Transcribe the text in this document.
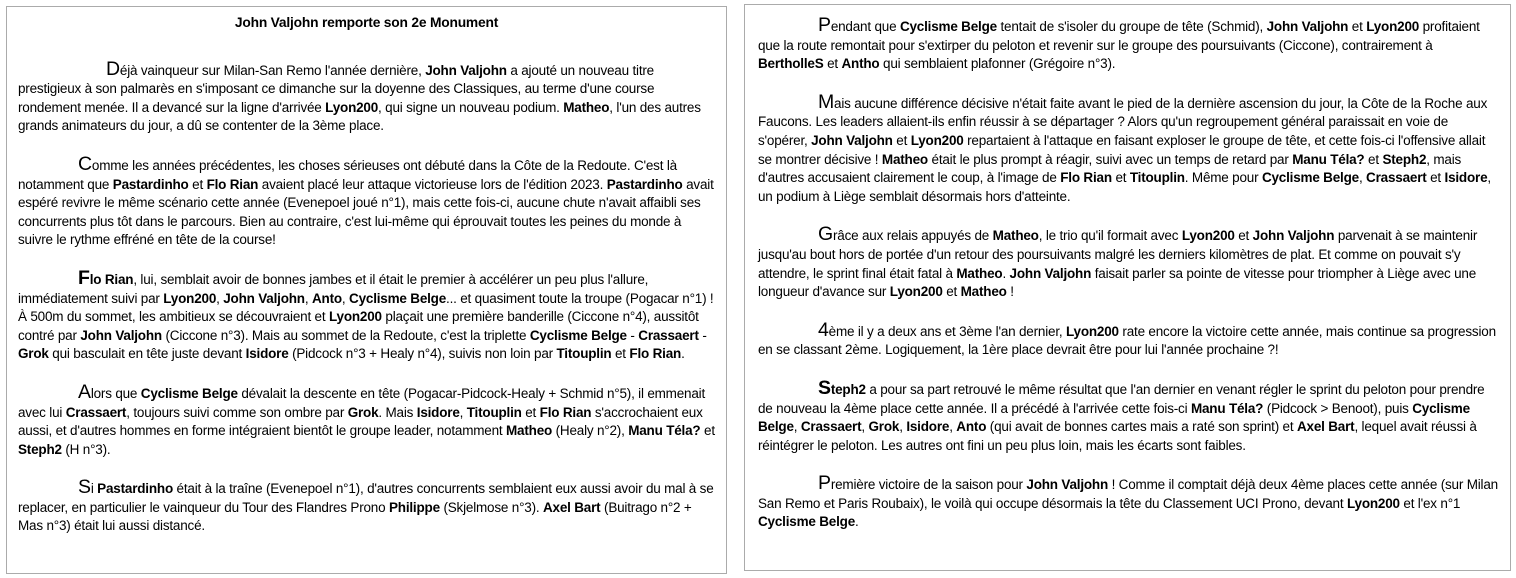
John Valjohn remporte son 2e Monument

Déjà vainqueur sur Milan-San Remo l'année dernière, John Valjohn a ajouté un nouveau titre prestigieux à son palmarès en s'imposant ce dimanche sur la doyenne des Classiques, au terme d'une course rondement menée. Il a devancé sur la ligne d'arrivée Lyon200, qui signe un nouveau podium. Matheo, l'un des autres grands animateurs du jour, a dû se contenter de la 3ème place.

Comme les années précédentes, les choses sérieuses ont débuté dans la Côte de la Redoute. C'est là notamment que Pastardinho et Flo Rian avaient placé leur attaque victorieuse lors de l'édition 2023. Pastardinho avait espéré revivre le même scénario cette année (Evenepoel joué n°1), mais cette fois-ci, aucune chute n'avait affaibli ses concurrents plus tôt dans le parcours. Bien au contraire, c'est lui-même qui éprouvait toutes les peines du monde à suivre le rythme effréné en tête de la course!

Flo Rian, lui, semblait avoir de bonnes jambes et il était le premier à accélérer un peu plus l'allure, immédiatement suivi par Lyon200, John Valjohn, Anto, Cyclisme Belge... et quasiment toute la troupe (Pogacar n°1) ! À 500m du sommet, les ambitieux se découvraient et Lyon200 plaçait une première banderille (Ciccone n°4), aussitôt contré par John Valjohn (Ciccone n°3). Mais au sommet de la Redoute, c'est la triplette Cyclisme Belge - Crassaert - Grok qui basculait en tête juste devant Isidore (Pidcock n°3 + Healy n°4), suivis non loin par Titouplin et Flo Rian.

Alors que Cyclisme Belge dévalait la descente en tête (Pogacar-Pidcock-Healy + Schmid n°5), il emmenait avec lui Crassaert, toujours suivi comme son ombre par Grok. Mais Isidore, Titouplin et Flo Rian s'accrochaient eux aussi, et d'autres hommes en forme intégraient bientôt le groupe leader, notamment Matheo (Healy n°2), Manu Téla? et Steph2 (H n°3).

Si Pastardinho était à la traîne (Evenepoel n°1), d'autres concurrents semblaient eux aussi avoir du mal à se replacer, en particulier le vainqueur du Tour des Flandres Prono Philippe (Skjelmose n°3). Axel Bart (Buitrago n°2 + Mas n°3) était lui aussi distancé.

Pendant que Cyclisme Belge tentait de s'isoler du groupe de tête (Schmid), John Valjohn et Lyon200 profitaient que la route remontait pour s'extirper du peloton et revenir sur le groupe des poursuivants (Ciccone), contrairement à BertholleS et Antho qui semblaient plafonner (Grégoire n°3).

Mais aucune différence décisive n'était faite avant le pied de la dernière ascension du jour, la Côte de la Roche aux Faucons. Les leaders allaient-ils enfin réussir à se départager ? Alors qu'un regroupement général paraissait en voie de s'opérer, John Valjohn et Lyon200 repartaient à l'attaque en faisant exploser le groupe de tête, et cette fois-ci l'offensive allait se montrer décisive ! Matheo était le plus prompt à réagir, suivi avec un temps de retard par Manu Téla? et Steph2, mais d'autres accusaient clairement le coup, à l'image de Flo Rian et Titouplin. Même pour Cyclisme Belge, Crassaert et Isidore, un podium à Liège semblait désormais hors d'atteinte.

Grâce aux relais appuyés de Matheo, le trio qu'il formait avec Lyon200 et John Valjohn parvenait à se maintenir jusqu'au bout hors de portée d'un retour des poursuivants malgré les derniers kilomètres de plat. Et comme on pouvait s'y attendre, le sprint final était fatal à Matheo. John Valjohn faisait parler sa pointe de vitesse pour triompher à Liège avec une longueur d'avance sur Lyon200 et Matheo !

4ème il y a deux ans et 3ème l'an dernier, Lyon200 rate encore la victoire cette année, mais continue sa progression en se classant 2ème. Logiquement, la 1ère place devrait être pour lui l'année prochaine ?!

Steph2 a pour sa part retrouvé le même résultat que l'an dernier en venant régler le sprint du peloton pour prendre de nouveau la 4ème place cette année. Il a précédé à l'arrivée cette fois-ci Manu Téla? (Pidcock > Benoot), puis Cyclisme Belge, Crassaert, Grok, Isidore, Anto (qui avait de bonnes cartes mais a raté son sprint) et Axel Bart, lequel avait réussi à réintégrer le peloton. Les autres ont fini un peu plus loin, mais les écarts sont faibles.

Première victoire de la saison pour John Valjohn ! Comme il comptait déjà deux 4ème places cette année (sur Milan San Remo et Paris Roubaix), le voilà qui occupe désormais la tête du Classement UCI Prono, devant Lyon200 et l'ex n°1 Cyclisme Belge.
